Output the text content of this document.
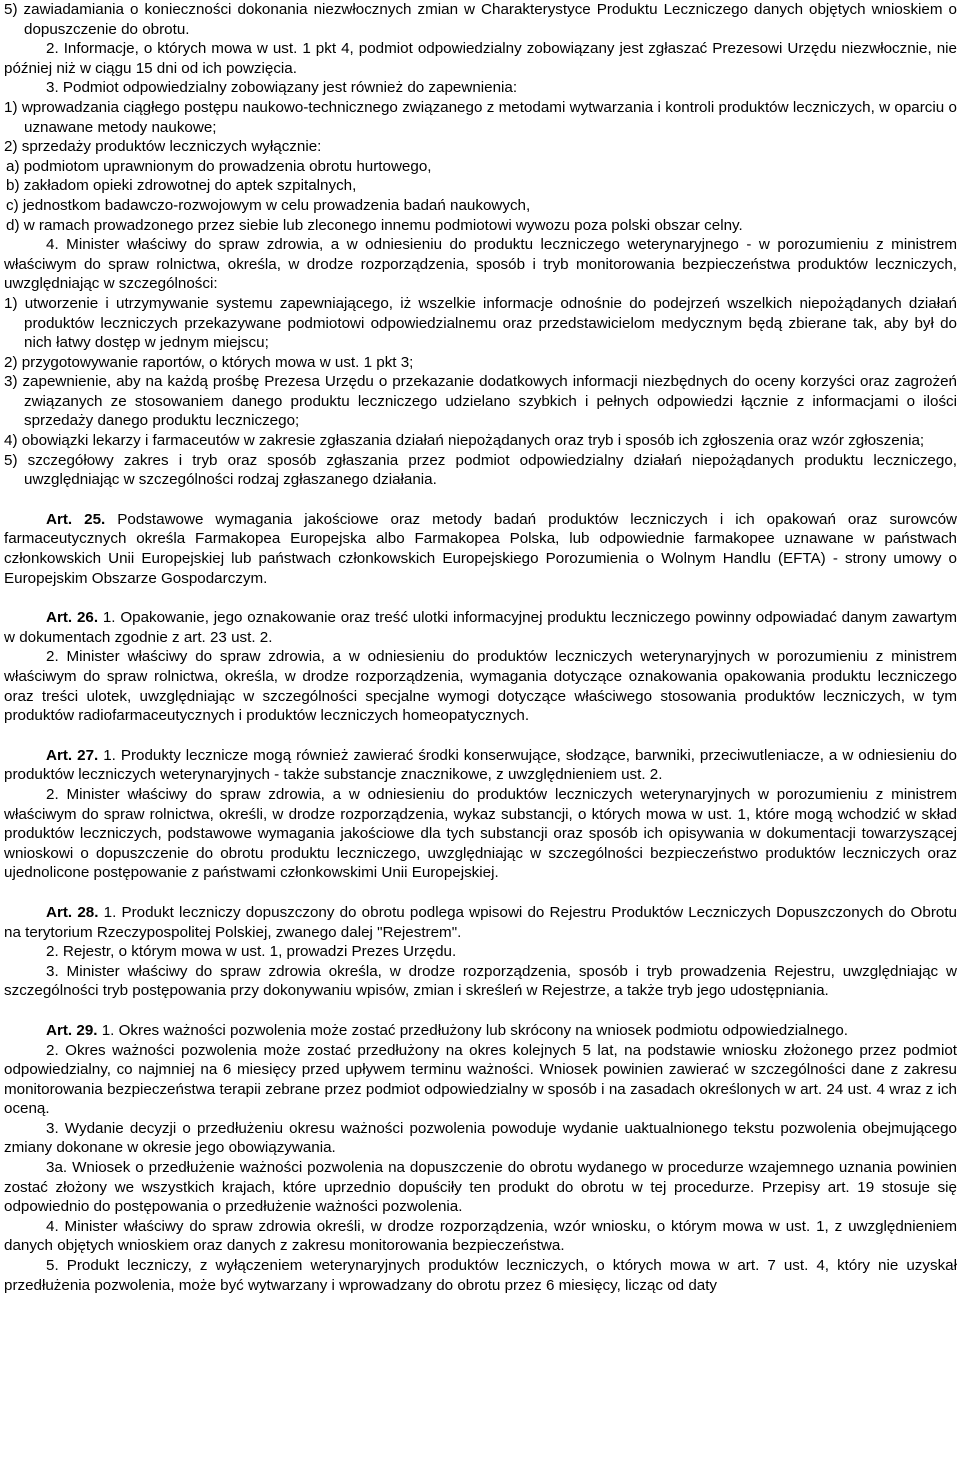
5) zawiadamiania o konieczności dokonania niezwłocznych zmian w Charakterystyce Produktu Leczniczego danych objętych wnioskiem o dopuszczenie do obrotu.

2. Informacje, o których mowa w ust. 1 pkt 4, podmiot odpowiedzialny zobowiązany jest zgłaszać Prezesowi Urzędu niezwłocznie, nie później niż w ciągu 15 dni od ich powzięcia.

3. Podmiot odpowiedzialny zobowiązany jest również do zapewnienia:

1) wprowadzania ciągłego postępu naukowo-technicznego związanego z metodami wytwarzania i kontroli produktów leczniczych, w oparciu o uznawane metody naukowe;

2) sprzedaży produktów leczniczych wyłącznie:

a) podmiotom uprawnionym do prowadzenia obrotu hurtowego,

b) zakładom opieki zdrowotnej do aptek szpitalnych,

c) jednostkom badawczo-rozwojowym w celu prowadzenia badań naukowych,

d) w ramach prowadzonego przez siebie lub zleconego innemu podmiotowi wywozu poza polski obszar celny.

4. Minister właściwy do spraw zdrowia, a w odniesieniu do produktu leczniczego weterynaryjnego - w porozumieniu z ministrem właściwym do spraw rolnictwa, określa, w drodze rozporządzenia, sposób i tryb monitorowania bezpieczeństwa produktów leczniczych, uwzględniając w szczególności:

1) utworzenie i utrzymywanie systemu zapewniającego, iż wszelkie informacje odnośnie do podejrzeń wszelkich niepożądanych działań produktów leczniczych przekazywane podmiotowi odpowiedzialnemu oraz przedstawicielom medycznym będą zbierane tak, aby był do nich łatwy dostęp w jednym miejscu;

2) przygotowywanie raportów, o których mowa w ust. 1 pkt 3;

3) zapewnienie, aby na każdą prośbę Prezesa Urzędu o przekazanie dodatkowych informacji niezbędnych do oceny korzyści oraz zagrożeń związanych ze stosowaniem danego produktu leczniczego udzielano szybkich i pełnych odpowiedzi łącznie z informacjami o ilości sprzedaży danego produktu leczniczego;

4) obowiązki lekarzy i farmaceutów w zakresie zgłaszania działań niepożądanych oraz tryb i sposób ich zgłoszenia oraz wzór zgłoszenia;

5) szczegółowy zakres i tryb oraz sposób zgłaszania przez podmiot odpowiedzialny działań niepożądanych produktu leczniczego, uwzględniając w szczególności rodzaj zgłaszanego działania.

Art. 25. Podstawowe wymagania jakościowe oraz metody badań produktów leczniczych i ich opakowań oraz surowców farmaceutycznych określa Farmakopea Europejska albo Farmakopea Polska, lub odpowiednie farmakopee uznawane w państwach członkowskich Unii Europejskiej lub państwach członkowskich Europejskiego Porozumienia o Wolnym Handlu (EFTA) - strony umowy o Europejskim Obszarze Gospodarczym.

Art. 26. 1. Opakowanie, jego oznakowanie oraz treść ulotki informacyjnej produktu leczniczego powinny odpowiadać danym zawartym w dokumentach zgodnie z art. 23 ust. 2.

2. Minister właściwy do spraw zdrowia, a w odniesieniu do produktów leczniczych weterynaryjnych w porozumieniu z ministrem właściwym do spraw rolnictwa, określa, w drodze rozporządzenia, wymagania dotyczące oznakowania opakowania produktu leczniczego oraz treści ulotek, uwzględniając w szczególności specjalne wymogi dotyczące właściwego stosowania produktów leczniczych, w tym produktów radiofarmaceutycznych i produktów leczniczych homeopatycznych.

Art. 27. 1. Produkty lecznicze mogą również zawierać środki konserwujące, słodzące, barwniki, przeciwutleniacze, a w odniesieniu do produktów leczniczych weterynaryjnych - także substancje znacznikowe, z uwzględnieniem ust. 2.

2. Minister właściwy do spraw zdrowia, a w odniesieniu do produktów leczniczych weterynaryjnych w porozumieniu z ministrem właściwym do spraw rolnictwa, określi, w drodze rozporządzenia, wykaz substancji, o których mowa w ust. 1, które mogą wchodzić w skład produktów leczniczych, podstawowe wymagania jakościowe dla tych substancji oraz sposób ich opisywania w dokumentacji towarzyszącej wnioskowi o dopuszczenie do obrotu produktu leczniczego, uwzględniając w szczególności bezpieczeństwo produktów leczniczych oraz ujednolicone postępowanie z państwami członkowskimi Unii Europejskiej.

Art. 28. 1. Produkt leczniczy dopuszczony do obrotu podlega wpisowi do Rejestru Produktów Leczniczych Dopuszczonych do Obrotu na terytorium Rzeczypospolitej Polskiej, zwanego dalej "Rejestrem".

2. Rejestr, o którym mowa w ust. 1, prowadzi Prezes Urzędu.

3. Minister właściwy do spraw zdrowia określa, w drodze rozporządzenia, sposób i tryb prowadzenia Rejestru, uwzględniając w szczególności tryb postępowania przy dokonywaniu wpisów, zmian i skreśleń w Rejestrze, a także tryb jego udostępniania.

Art. 29. 1. Okres ważności pozwolenia może zostać przedłużony lub skrócony na wniosek podmiotu odpowiedzialnego.

2. Okres ważności pozwolenia może zostać przedłużony na okres kolejnych 5 lat, na podstawie wniosku złożonego przez podmiot odpowiedzialny, co najmniej na 6 miesięcy przed upływem terminu ważności. Wniosek powinien zawierać w szczególności dane z zakresu monitorowania bezpieczeństwa terapii zebrane przez podmiot odpowiedzialny w sposób i na zasadach określonych w art. 24 ust. 4 wraz z ich oceną.

3. Wydanie decyzji o przedłużeniu okresu ważności pozwolenia powoduje wydanie uaktualnionego tekstu pozwolenia obejmującego zmiany dokonane w okresie jego obowiązywania.

3a. Wniosek o przedłużenie ważności pozwolenia na dopuszczenie do obrotu wydanego w procedurze wzajemnego uznania powinien zostać złożony we wszystkich krajach, które uprzednio dopuściły ten produkt do obrotu w tej procedurze. Przepisy art. 19 stosuje się odpowiednio do postępowania o przedłużenie ważności pozwolenia.

4. Minister właściwy do spraw zdrowia określi, w drodze rozporządzenia, wzór wniosku, o którym mowa w ust. 1, z uwzględnieniem danych objętych wnioskiem oraz danych z zakresu monitorowania bezpieczeństwa.

5. Produkt leczniczy, z wyłączeniem weterynaryjnych produktów leczniczych, o których mowa w art. 7 ust. 4, który nie uzyskał przedłużenia pozwolenia, może być wytwarzany i wprowadzany do obrotu przez 6 miesięcy, licząc od daty
